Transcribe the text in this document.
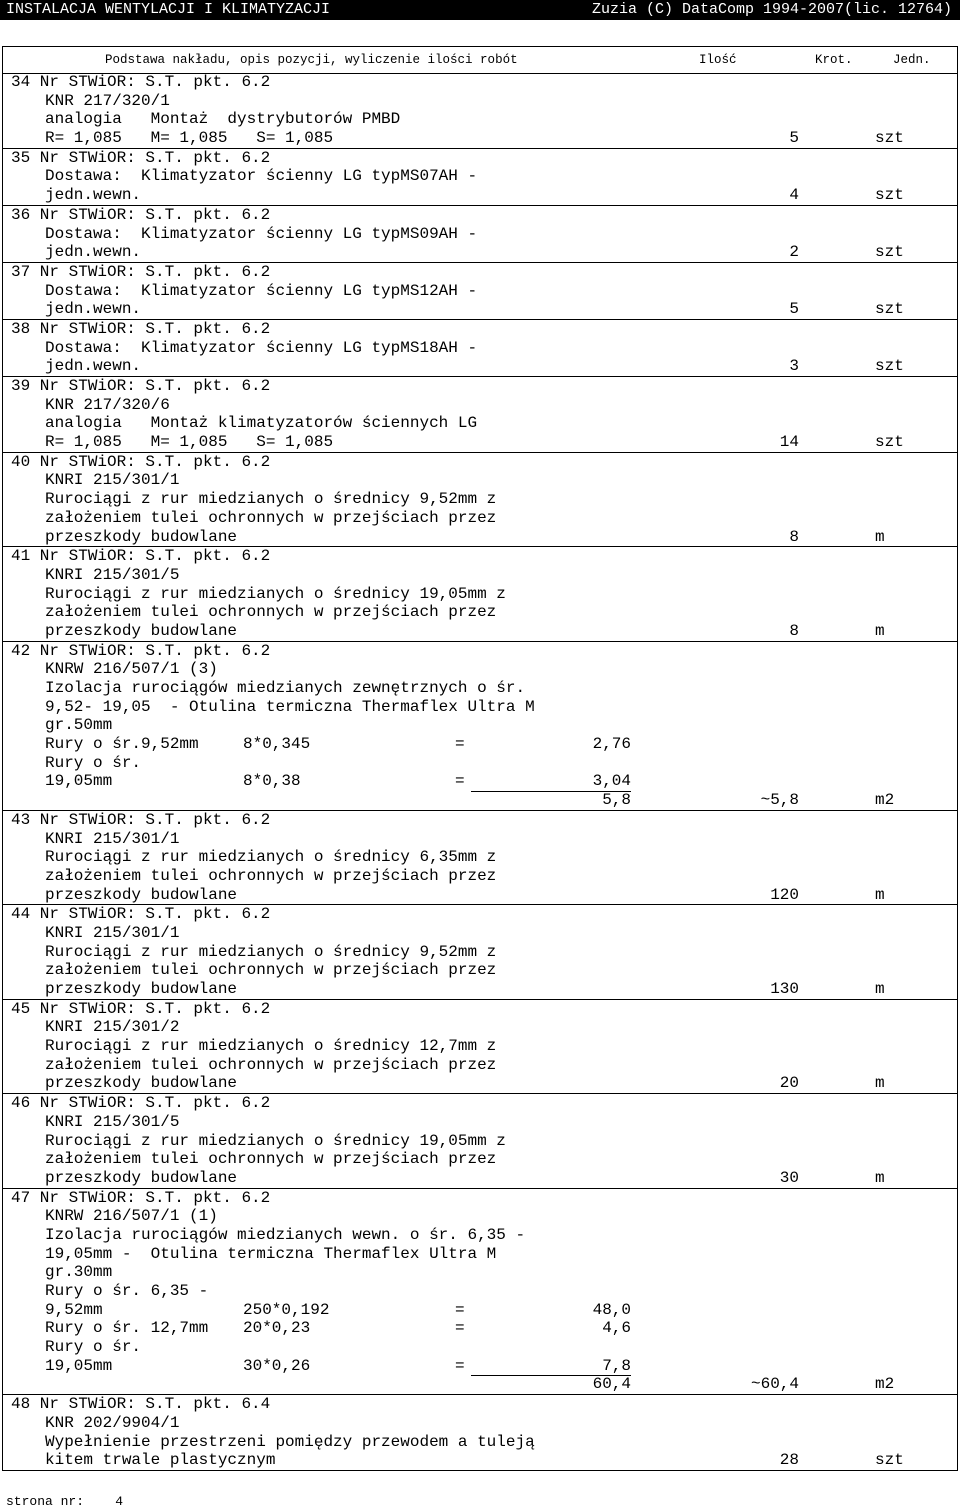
INSTALACJA WENTYLACJI I KLIMATYZACJI

	Zuzia (C) DataComp 1994-2007(lic. 12764)

Podstawa nakładu, opis pozycji, wyliczenie ilości robót	Ilość	Krot.	Jedn.
34 Nr STWiOR: S.T. pkt. 6.2
KNR 217/320/1
analogia   Montaż  dystrybutorów PMBD
R= 1,085   M= 1,085   S= 1,085	5	szt
35 Nr STWiOR: S.T. pkt. 6.2
Dostawa:  Klimatyzator ścienny LG typMS07AH -
jedn.wewn.	4	szt
36 Nr STWiOR: S.T. pkt. 6.2
Dostawa:  Klimatyzator ścienny LG typMS09AH -
jedn.wewn.	2	szt
37 Nr STWiOR: S.T. pkt. 6.2
Dostawa:  Klimatyzator ścienny LG typMS12AH -
jedn.wewn.	5	szt
38 Nr STWiOR: S.T. pkt. 6.2
Dostawa:  Klimatyzator ścienny LG typMS18AH -
jedn.wewn.	3	szt
39 Nr STWiOR: S.T. pkt. 6.2
KNR 217/320/6
analogia   Montaż klimatyzatorów ściennych LG
R= 1,085   M= 1,085   S= 1,085	14	szt
40 Nr STWiOR: S.T. pkt. 6.2
KNRI 215/301/1
Rurociągi z rur miedzianych o średnicy 9,52mm z
założeniem tulei ochronnych w przejściach przez
przeszkody budowlane	8	m
41 Nr STWiOR: S.T. pkt. 6.2
KNRI 215/301/5
Rurociągi z rur miedzianych o średnicy 19,05mm z
założeniem tulei ochronnych w przejściach przez
przeszkody budowlane	8	m
42 Nr STWiOR: S.T. pkt. 6.2
KNRW 216/507/1 (3)
Izolacja rurociągów miedzianych zewnętrznych o śr.
9,52- 19,05  - Otulina termiczna Thermaflex Ultra M
gr.50mm
Rury o śr.9,52mm	8*0,345	=	2,76
Rury o śr.
19,05mm	8*0,38	=	3,04
5,8	~5,8	m2
43 Nr STWiOR: S.T. pkt. 6.2
KNRI 215/301/1
Rurociągi z rur miedzianych o średnicy 6,35mm z
założeniem tulei ochronnych w przejściach przez
przeszkody budowlane	120	m
44 Nr STWiOR: S.T. pkt. 6.2
KNRI 215/301/1
Rurociągi z rur miedzianych o średnicy 9,52mm z
założeniem tulei ochronnych w przejściach przez
przeszkody budowlane	130	m
45 Nr STWiOR: S.T. pkt. 6.2
KNRI 215/301/2
Rurociągi z rur miedzianych o średnicy 12,7mm z
założeniem tulei ochronnych w przejściach przez
przeszkody budowlane	20	m
46 Nr STWiOR: S.T. pkt. 6.2
KNRI 215/301/5
Rurociągi z rur miedzianych o średnicy 19,05mm z
założeniem tulei ochronnych w przejściach przez
przeszkody budowlane	30	m
47 Nr STWiOR: S.T. pkt. 6.2
KNRW 216/507/1 (1)
Izolacja rurociągów miedzianych wewn. o śr. 6,35 -
19,05mm -  Otulina termiczna Thermaflex Ultra M
gr.30mm
Rury o śr. 6,35 -
9,52mm	250*0,192	=	48,0
Rury o śr. 12,7mm 20*0,23	=	4,6
Rury o śr.
19,05mm	30*0,26	=	7,8
60,4	~60,4	m2
48 Nr STWiOR: S.T. pkt. 6.4
KNR 202/9904/1
Wypełnienie przestrzeni pomiędzy przewodem a tuleją
kitem trwale plastycznym	28	szt
strona nr: 4
